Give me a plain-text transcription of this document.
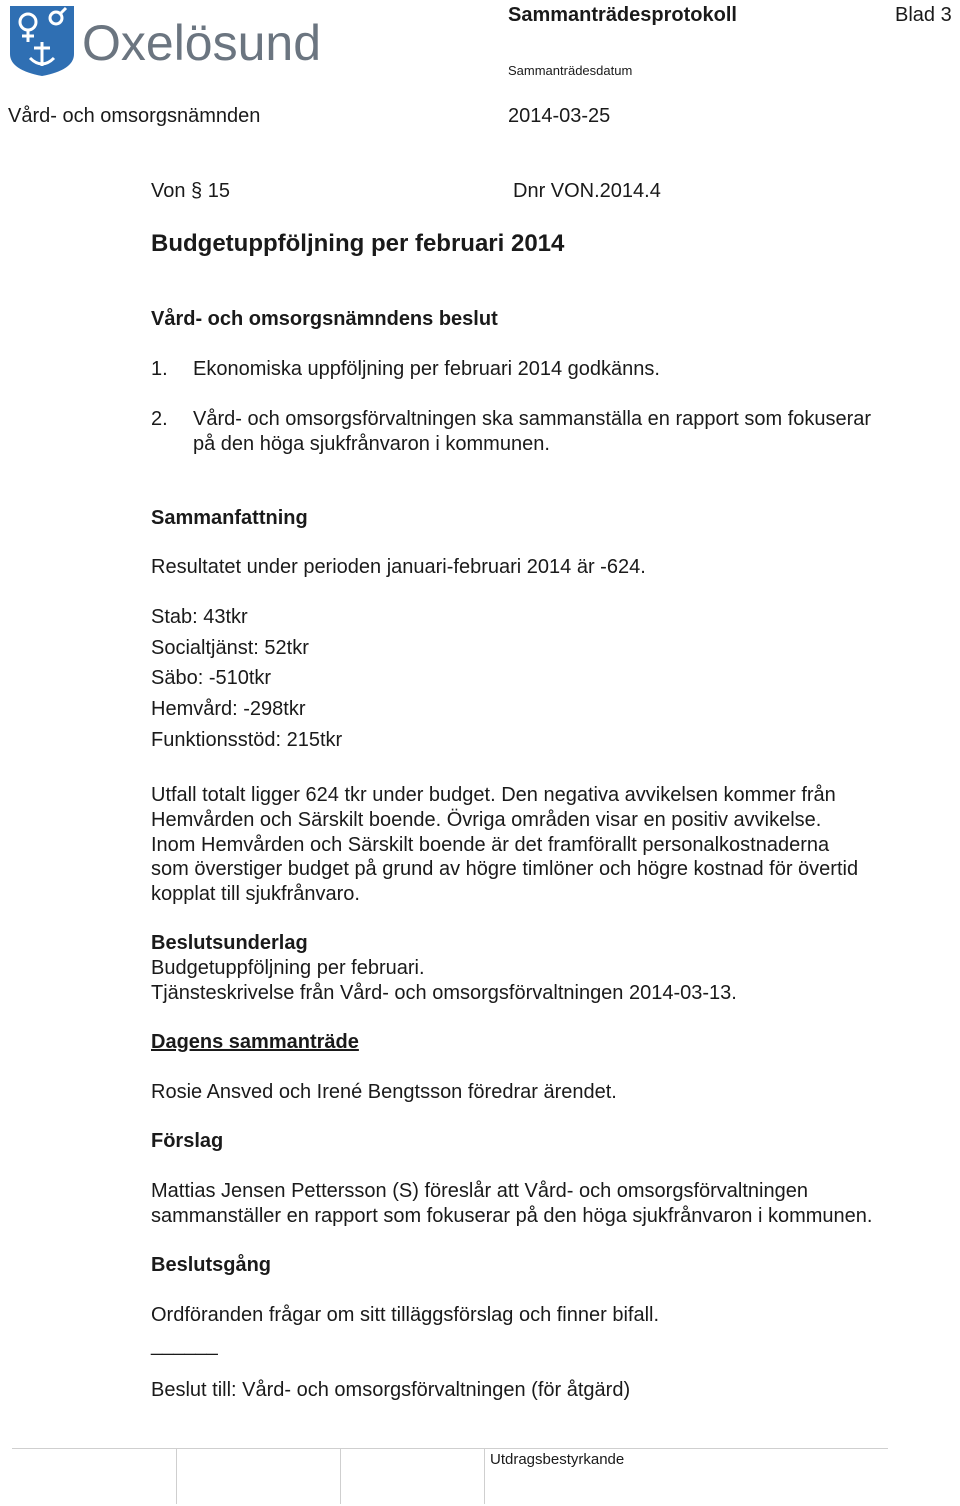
Oxelösund	Sammanträdesprotokoll	Blad 3
Sammanträdesdatum
Vård- och omsorgsnämnden	2014-03-25
Von § 15	Dnr VON.2014.4
Budgetuppföljning per februari 2014
Vård- och omsorgsnämndens beslut
1. Ekonomiska uppföljning per februari 2014 godkänns.
2. Vård- och omsorgsförvaltningen ska sammanställa en rapport som fokuserar
på den höga sjukfrånvaron i kommunen.
Sammanfattning
Resultatet under perioden januari-februari 2014 är -624.
Stab: 43tkr
Socialtjänst: 52tkr
Säbo: -510tkr
Hemvård: -298tkr
Funktionsstöd: 215tkr
Utfall totalt ligger 624 tkr under budget. Den negativa avvikelsen kommer från
Hemvården och Särskilt boende. Övriga områden visar en positiv avvikelse.
Inom Hemvården och Särskilt boende är det framförallt personalkostnaderna
som överstiger budget på grund av högre timlöner och högre kostnad för övertid
kopplat till sjukfrånvaro.
Beslutsunderlag
Budgetuppföljning per februari.
Tjänsteskrivelse från Vård- och omsorgsförvaltningen 2014-03-13.
Dagens sammanträde
Rosie Ansved och Irené Bengtsson föredrar ärendet.
Förslag
Mattias Jensen Pettersson (S) föreslår att Vård- och omsorgsförvaltningen
sammanställer en rapport som fokuserar på den höga sjukfrånvaron i kommunen.
Beslutsgång
Ordföranden frågar om sitt tilläggsförslag och finner bifall.
______
Beslut till: Vård- och omsorgsförvaltningen (för åtgärd)
Utdragsbestyrkande
